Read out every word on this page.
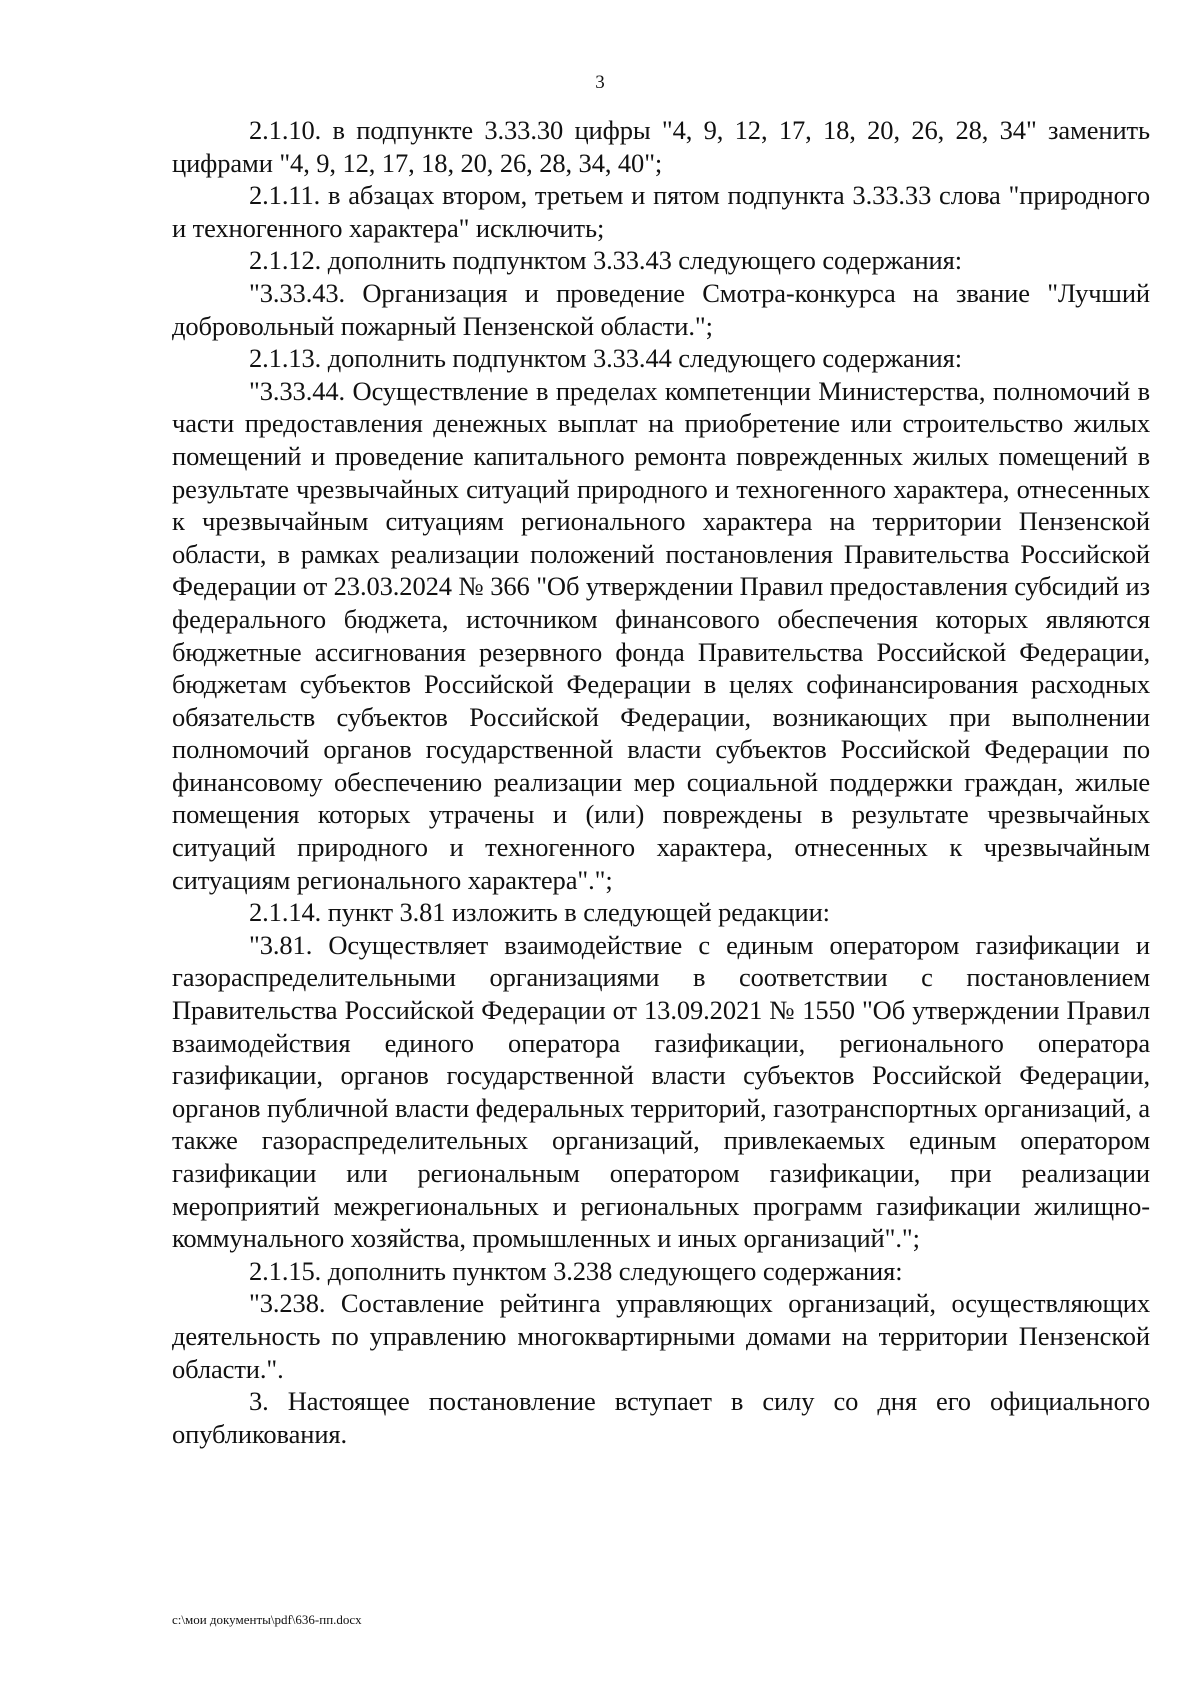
3

2.1.10. в подпункте 3.33.30 цифры "4, 9, 12, 17, 18, 20, 26, 28, 34" заменить цифрами "4, 9, 12, 17, 18, 20, 26, 28, 34, 40";

2.1.11. в абзацах втором, третьем и пятом подпункта 3.33.33 слова "природного и техногенного характера" исключить;

2.1.12. дополнить подпунктом 3.33.43 следующего содержания:

"3.33.43. Организация и проведение Смотра-конкурса на звание "Лучший добровольный пожарный Пензенской области.";

2.1.13. дополнить подпунктом 3.33.44 следующего содержания:

"3.33.44. Осуществление в пределах компетенции Министерства, полномочий в части предоставления денежных выплат на приобретение или строительство жилых помещений и проведение капитального ремонта поврежденных жилых помещений в результате чрезвычайных ситуаций природного и техногенного характера, отнесенных к чрезвычайным ситуациям регионального характера на территории Пензенской области, в рамках реализации положений постановления Правительства Российской Федерации от 23.03.2024 № 366 "Об утверждении Правил предоставления субсидий из федерального бюджета, источником финансового обеспечения которых являются бюджетные ассигнования резервного фонда Правительства Российской Федерации, бюджетам субъектов Российской Федерации в целях софинансирования расходных обязательств субъектов Российской Федерации, возникающих при выполнении полномочий органов государственной власти субъектов Российской Федерации по финансовому обеспечению реализации мер социальной поддержки граждан, жилые помещения которых утрачены и (или) повреждены в результате чрезвычайных ситуаций природного и техногенного характера, отнесенных к чрезвычайным ситуациям регионального характера".";

2.1.14. пункт 3.81 изложить в следующей редакции:

"3.81. Осуществляет взаимодействие с единым оператором газификации и газораспределительными организациями в соответствии с постановлением Правительства Российской Федерации от 13.09.2021 № 1550 "Об утверждении Правил взаимодействия единого оператора газификации, регионального оператора газификации, органов государственной власти субъектов Российской Федерации, органов публичной власти федеральных территорий, газотранспортных организаций, а также газораспределительных организаций, привлекаемых единым оператором газификации или региональным оператором газификации, при реализации мероприятий межрегиональных и региональных программ газификации жилищно-коммунального хозяйства, промышленных и иных организаций".";

2.1.15. дополнить пунктом 3.238 следующего содержания:

"3.238. Составление рейтинга управляющих организаций, осуществляющих деятельность по управлению многоквартирными домами на территории Пензенской области.".

3. Настоящее постановление вступает в силу со дня его официального опубликования.

c:\мои документы\pdf\636-пп.docx
